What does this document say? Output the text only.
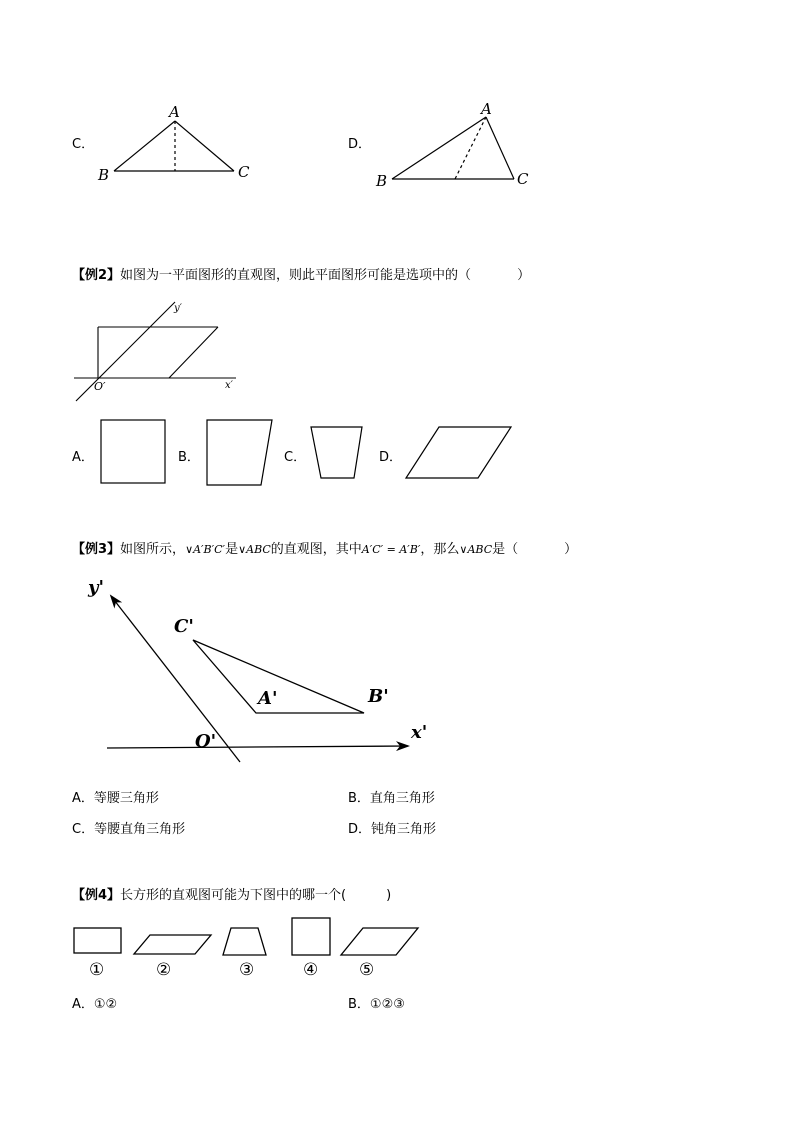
C．
A
B	C
D．
A
B	C
【例2】如图为一平面图形的直观图，则此平面图形可能是选项中的（	）
y′
x′
O′
A．	B．	C．	D．
【例3】如图所示，∨A′B′C′是∨ABC的直观图，其中A′C′ = A′B′，那么∨ABC是（	）
y'
x'
O'
C'
A'	B'
A．等腰三角形	B．直角三角形
C．等腰直角三角形	D．钝角三角形
【例4】长方形的直观图可能为下图中的哪一个(	)
①	②	③	④ ⑤
A．①②	B．①②③
